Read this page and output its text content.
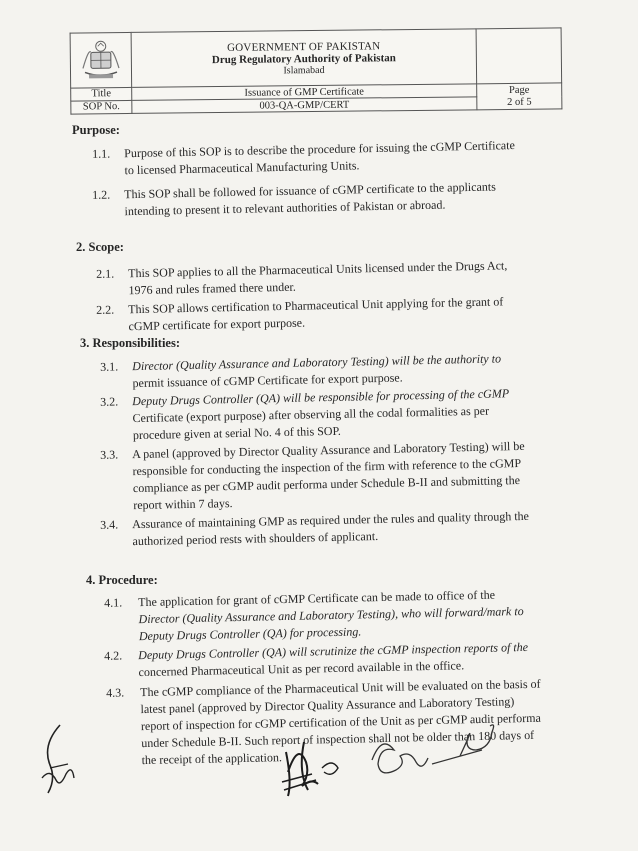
GOVERNMENT OF PAKISTAN
Drug Regulatory Authority of Pakistan
Islamabad	

Title	Issuance of GMP Certificate	Page
2 of 5

SOP No.	003-QA-GMP/CERT	
Purpose:
1.1.	Purpose of this SOP is to describe the procedure for issuing the cGMP Certificate
to licensed Pharmaceutical Manufacturing Units.
1.2.	This SOP shall be followed for issuance of cGMP certificate to the applicants
intending to present it to relevant authorities of Pakistan or abroad.
2. Scope:
2.1.	This SOP applies to all the Pharmaceutical Units licensed under the Drugs Act,
1976 and rules framed there under.
2.2.	This SOP allows certification to Pharmaceutical Unit applying for the grant of
cGMP certificate for export purpose.
3. Responsibilities:
3.1.	Director (Quality Assurance and Laboratory Testing) will be the authority to
permit issuance of cGMP Certificate for export purpose.
3.2.	Deputy Drugs Controller (QA) will be responsible for processing of the cGMP
Certificate (export purpose) after observing all the codal formalities as per
procedure given at serial No. 4 of this SOP.
3.3.	A panel (approved by Director Quality Assurance and Laboratory Testing) will be
responsible for conducting the inspection of the firm with reference to the cGMP
compliance as per cGMP audit performa under Schedule B-II and submitting the
report within 7 days.
3.4.	Assurance of maintaining GMP as required under the rules and quality through the
authorized period rests with shoulders of applicant.
4. Procedure:
4.1.	The application for grant of cGMP Certificate can be made to office of the
Director (Quality Assurance and Laboratory Testing), who will forward/mark to
Deputy Drugs Controller (QA) for processing.
4.2.	Deputy Drugs Controller (QA) will scrutinize the cGMP inspection reports of the
concerned Pharmaceutical Unit as per record available in the office.
4.3.	The cGMP compliance of the Pharmaceutical Unit will be evaluated on the basis of
latest panel (approved by Director Quality Assurance and Laboratory Testing)
report of inspection for cGMP certification of the Unit as per cGMP audit performa
under Schedule B-II. Such report of inspection shall not be older than 180 days of
the receipt of the application.
